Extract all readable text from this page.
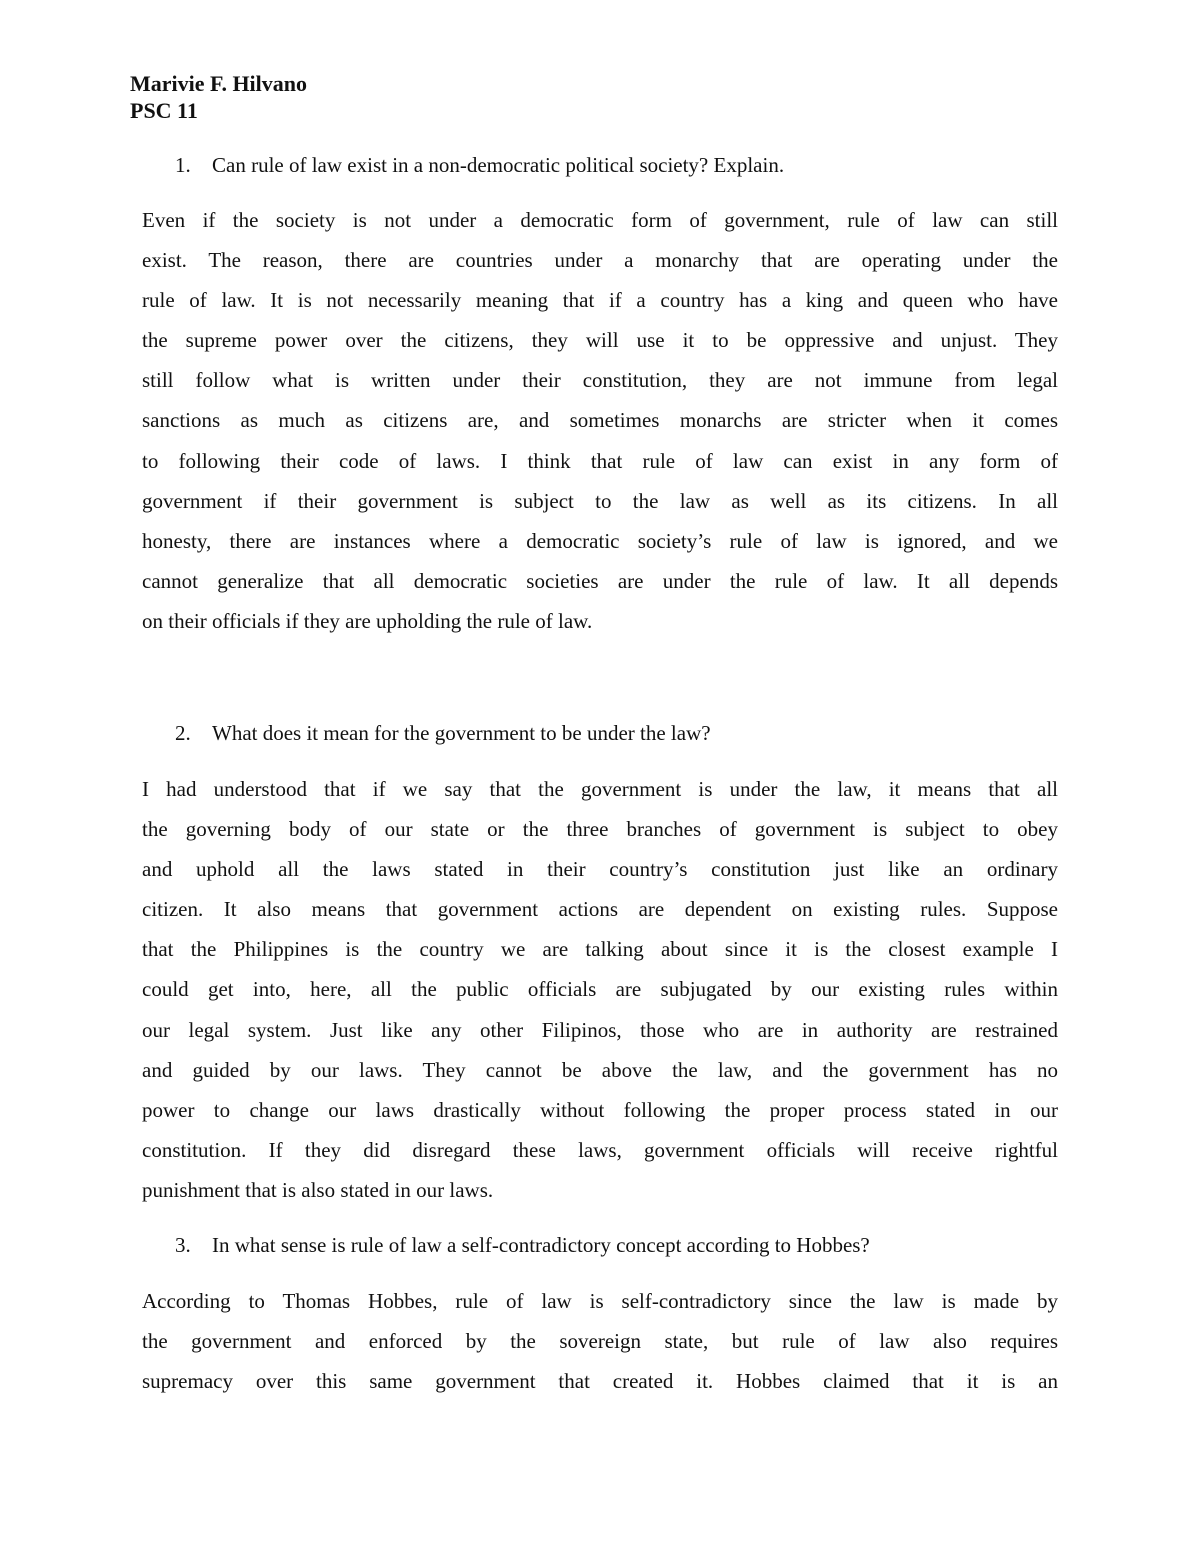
Marivie F. Hilvano
PSC 11
1. Can rule of law exist in a non-democratic political society? Explain.
Even if the society is not under a democratic form of government, rule of law can still
exist. The reason, there are countries under a monarchy that are operating under the
rule of law. It is not necessarily meaning that if a country has a king and queen who have
the supreme power over the citizens, they will use it to be oppressive and unjust. They
still follow what is written under their constitution, they are not immune from legal
sanctions as much as citizens are, and sometimes monarchs are stricter when it comes
to following their code of laws. I think that rule of law can exist in any form of
government if their government is subject to the law as well as its citizens. In all
honesty, there are instances where a democratic society’s rule of law is ignored, and we
cannot generalize that all democratic societies are under the rule of law. It all depends
on their officials if they are upholding the rule of law.
2. What does it mean for the government to be under the law?
I had understood that if we say that the government is under the law, it means that all
the governing body of our state or the three branches of government is subject to obey
and uphold all the laws stated in their country’s constitution just like an ordinary
citizen. It also means that government actions are dependent on existing rules. Suppose
that the Philippines is the country we are talking about since it is the closest example I
could get into, here, all the public officials are subjugated by our existing rules within
our legal system. Just like any other Filipinos, those who are in authority are restrained
and guided by our laws. They cannot be above the law, and the government has no
power to change our laws drastically without following the proper process stated in our
constitution. If they did disregard these laws, government officials will receive rightful
punishment that is also stated in our laws.
3. In what sense is rule of law a self-contradictory concept according to Hobbes?
According to Thomas Hobbes, rule of law is self-contradictory since the law is made by
the government and enforced by the sovereign state, but rule of law also requires
supremacy over this same government that created it. Hobbes claimed that it is an
